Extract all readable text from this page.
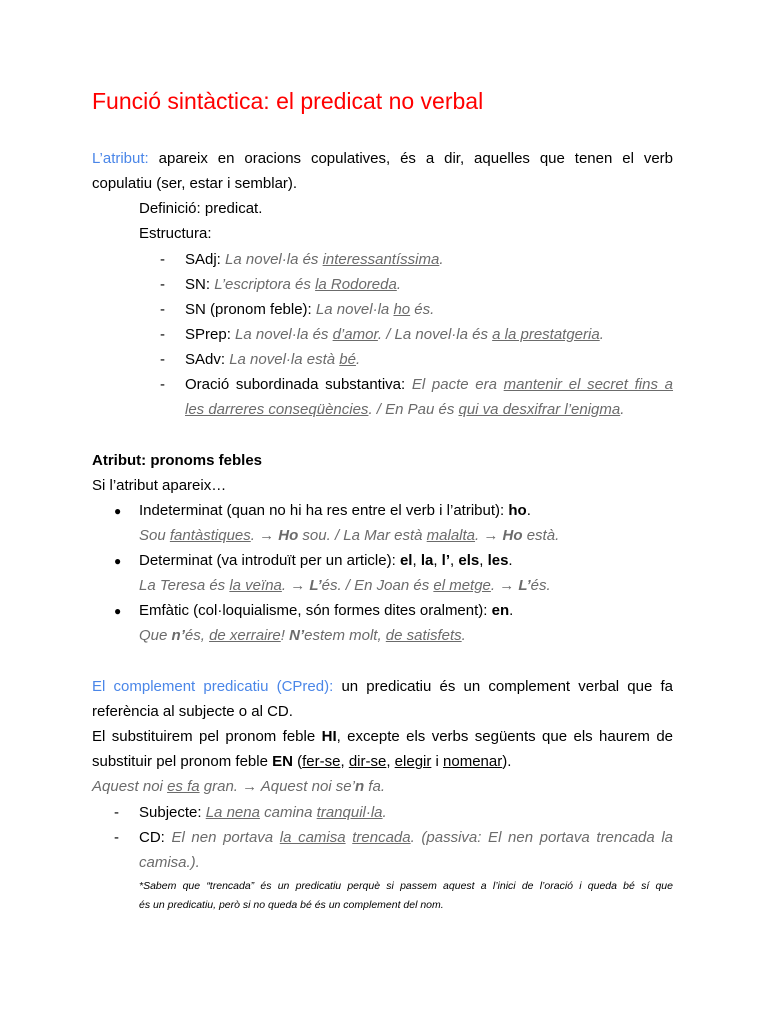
Funció sintàctica: el predicat no verbal
L’atribut: apareix en oracions copulatives, és a dir, aquelles que tenen el verb
copulatiu (ser, estar i semblar).
Definició: predicat.
Estructura:
- SAdj: La novel·la és interessantíssima.
- SN: L’escriptora és la Rodoreda.
- SN (pronom feble): La novel·la ho és.
- SPrep: La novel·la és d’amor. / La novel·la és a la prestatgeria.
- SAdv: La novel·la està bé.
- Oració subordinada substantiva: El pacte era mantenir el secret fins a
les darreres conseqüències. / En Pau és qui va desxifrar l’enigma.
Atribut: pronoms febles
Si l’atribut apareix…
● Indeterminat (quan no hi ha res entre el verb i l’atribut): ho.
Sou fantàstiques. → Ho sou. / La Mar està malalta. → Ho està.
● Determinat (va introduït per un article): el, la, l’, els, les.
La Teresa és la veïna. → L’és. / En Joan és el metge. → L’és.
● Emfàtic (col·loquialisme, són formes dites oralment): en.
Que n’és, de xerraire! N’estem molt, de satisfets.
El complement predicatiu (CPred): un predicatiu és un complement verbal que fa
referència al subjecte o al CD.
El substituirem pel pronom feble HI, excepte els verbs següents que els haurem de
substituir pel pronom feble EN (fer-se, dir-se, elegir i nomenar).
Aquest noi es fa gran. → Aquest noi se’n fa.
- Subjecte: La nena camina tranquil·la.
- CD: El nen portava la camisa trencada. (passiva: El nen portava trencada la
camisa.).
*Sabem que “trencada” és un predicatiu perquè si passem aquest a l’inici de l’oració i queda bé sí que
és un predicatiu, però si no queda bé és un complement del nom.
